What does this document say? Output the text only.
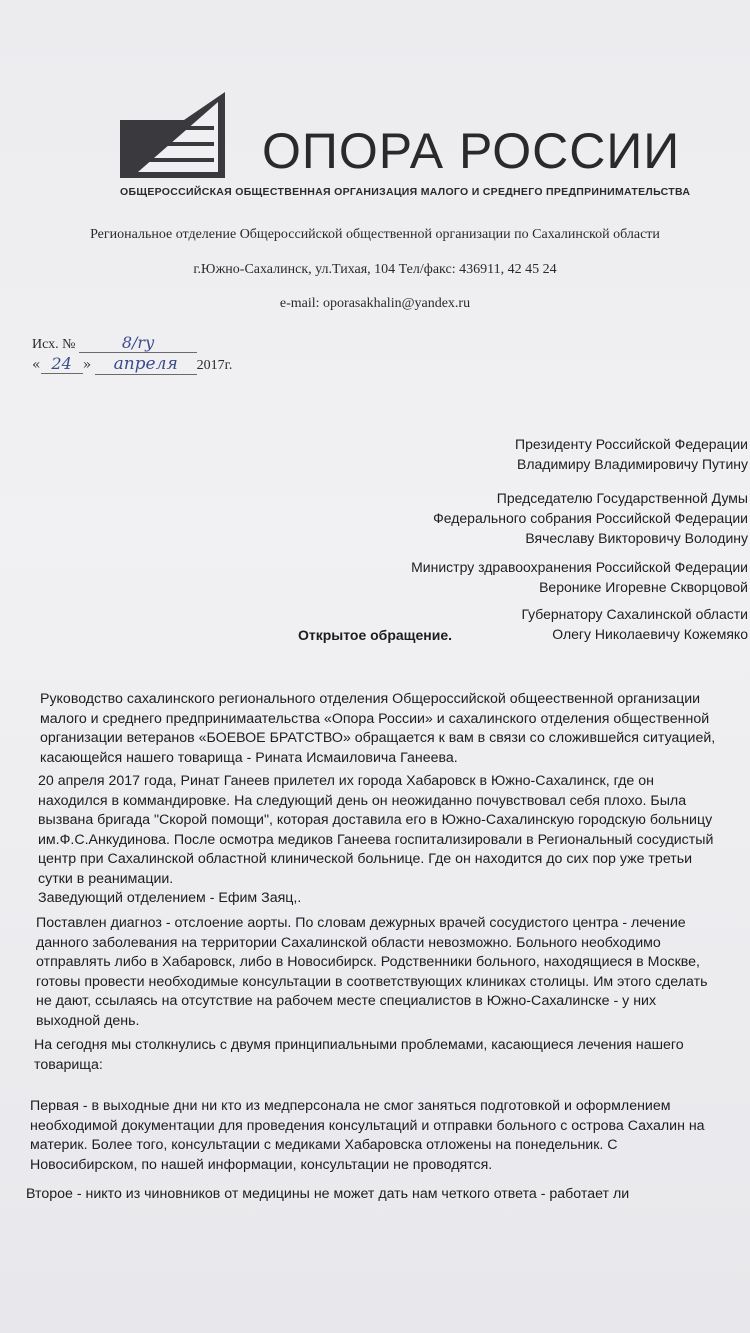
ОПОРА РОССИИ
ОБЩЕРОССИЙСКАЯ ОБЩЕСТВЕННАЯ ОРГАНИЗАЦИЯ МАЛОГО И СРЕДНЕГО ПРЕДПРИНИМАТЕЛЬСТВА
Региональное отделение Общероссийской общественной организации по Сахалинской области
г.Южно-Сахалинск, ул.Тихая, 104 Тел/факс: 436911, 42 45 24
e-mail: oporasakhalin@yandex.ru
Исх. №	8/ry
« 24 » апреля 2017г.
Президенту Российской Федерации
Владимиру Владимировичу Путину
Председателю Государственной Думы
Федерального собрания Российской Федерации
Вячеславу Викторовичу Володину
Министру здравоохранения Российской Федерации
Веронике Игоревне Скворцовой
Губернатору Сахалинской области
Олегу Николаевичу Кожемяко
Открытое обращение.
Руководство сахалинского регионального отделения Общероссийской общеественной организации
малого и среднего предпринимаательства «Опора России» и сахалинского отделения общественной
организации ветеранов «БОЕВОЕ БРАТСТВО» обращается к вам в связи со сложившейся ситуацией,
касающейся нашего товарища - Рината Исмаиловича Ганеева.
20 апреля 2017 года, Ринат Ганеев прилетел их города Хабаровск в Южно-Сахалинск, где он
находился в коммандировке. На следующий день он неожиданно почувствовал себя плохо. Была
вызвана бригада "Скорой помощи", которая доставила его в Южно-Сахалинскую городскую больницу
им.Ф.С.Анкудинова. После осмотра медиков Ганеева госпитализировали в Региональный сосудистый
центр при Сахалинской областной клинической больнице. Где он находится до сих пор уже третьи
сутки в реанимации.
Заведующий отделением - Ефим Заяц,.
Поставлен диагноз - отслоение аорты. По словам дежурных врачей сосудистого центра - лечение
данного заболевания на территории Сахалинской области невозможно. Больного необходимо
отправлять либо в Хабаровск, либо в Новосибирск. Родственники больного, находящиеся в Москве,
готовы провести необходимые консультации в соответствующих клиниках столицы. Им этого сделать
не дают, ссылаясь на отсутствие на рабочем месте специалистов в Южно-Сахалинске - у них
выходной день.
На сегодня мы столкнулись с двумя принципиальными проблемами, касающиеся лечения нашего
товарища:
Первая - в выходные дни ни кто из медперсонала не смог заняться подготовкой и оформлением
необходимой документации для проведения консультаций и отправки больного с острова Сахалин на
материк. Более того, консультации с медиками Хабаровска отложены на понедельник. С
Новосибирском, по нашей информации, консультации не проводятся.
Второе - никто из чиновников от медицины не может дать нам четкого ответа - работает ли
